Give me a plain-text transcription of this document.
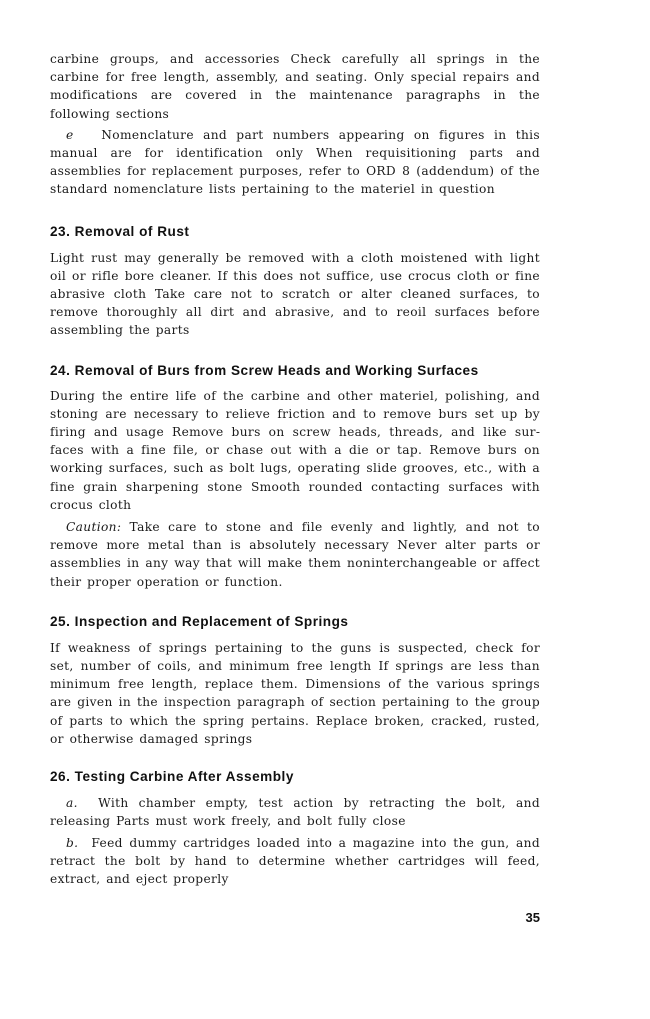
carbine groups, and accessories Check carefully all springs in the carbine for free length, assembly, and seating. Only special repairs and modifications are covered in the maintenance paragraphs in the following sections

e Nomenclature and part numbers appearing on figures in this manual are for identification only When requisitioning parts and assemblies for replacement purposes, refer to ORD 8 (addendum) of the standard nomenclature lists pertaining to the materiel in question

23. Removal of Rust

Light rust may generally be removed with a cloth moistened with light oil or rifle bore cleaner. If this does not suffice, use crocus cloth or fine abrasive cloth Take care not to scratch or alter cleaned surfaces, to remove thoroughly all dirt and abrasive, and to reoil surfaces before assembling the parts

24. Removal of Burs from Screw Heads and Working Surfaces

During the entire life of the carbine and other materiel, polishing, and stoning are necessary to relieve friction and to remove burs set up by firing and usage Remove burs on screw heads, threads, and like surfaces with a fine file, or chase out with a die or tap. Remove burs on working surfaces, such as bolt lugs, operating slide grooves, etc., with a fine grain sharpening stone Smooth rounded contacting surfaces with crocus cloth

Caution: Take care to stone and file evenly and lightly, and not to remove more metal than is absolutely necessary Never alter parts or assemblies in any way that will make them noninterchangeable or affect their proper operation or function.

25. Inspection and Replacement of Springs

If weakness of springs pertaining to the guns is suspected, check for set, number of coils, and minimum free length If springs are less than minimum free length, replace them. Dimensions of the various springs are given in the inspection paragraph of section pertaining to the group of parts to which the spring pertains. Replace broken, cracked, rusted, or otherwise damaged springs

26. Testing Carbine After Assembly

a. With chamber empty, test action by retracting the bolt, and releasing Parts must work freely, and bolt fully close

b. Feed dummy cartridges loaded into a magazine into the gun, and retract the bolt by hand to determine whether cartridges will feed, extract, and eject properly

35
